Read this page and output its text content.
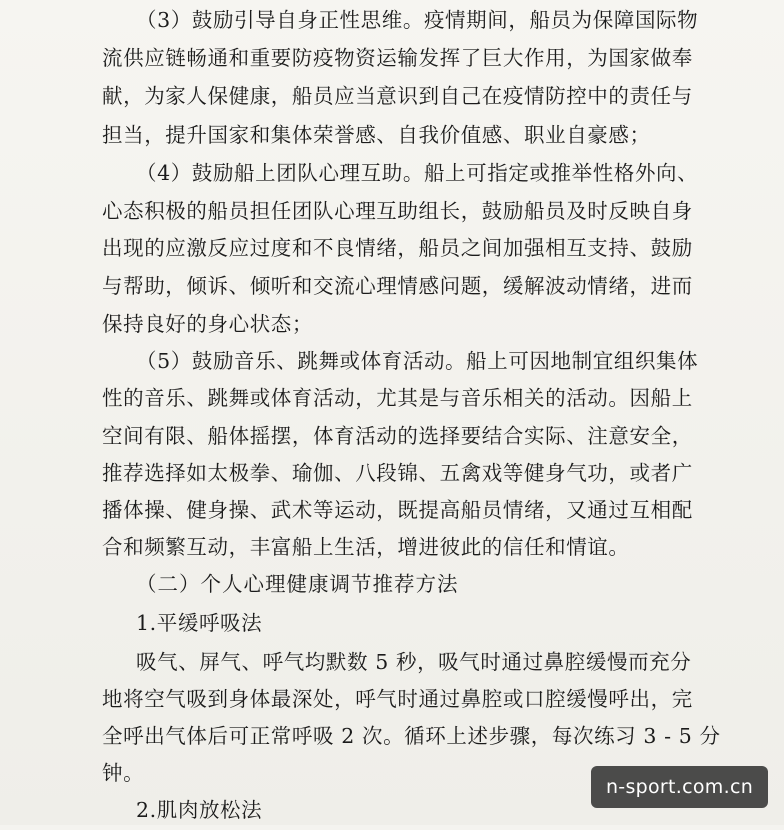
（3）鼓励引导自身正性思维。疫情期间，船员为保障国际物
流供应链畅通和重要防疫物资运输发挥了巨大作用，为国家做奉
献，为家人保健康，船员应当意识到自己在疫情防控中的责任与
担当，提升国家和集体荣誉感、自我价值感、职业自豪感；
（4）鼓励船上团队心理互助。船上可指定或推举性格外向、
心态积极的船员担任团队心理互助组长，鼓励船员及时反映自身
出现的应激反应过度和不良情绪，船员之间加强相互支持、鼓励
与帮助，倾诉、倾听和交流心理情感问题，缓解波动情绪，进而
保持良好的身心状态；
（5）鼓励音乐、跳舞或体育活动。船上可因地制宜组织集体
性的音乐、跳舞或体育活动，尤其是与音乐相关的活动。因船上
空间有限、船体摇摆，体育活动的选择要结合实际、注意安全，
推荐选择如太极拳、瑜伽、八段锦、五禽戏等健身气功，或者广
播体操、健身操、武术等运动，既提高船员情绪，又通过互相配
合和频繁互动，丰富船上生活，增进彼此的信任和情谊。
（二）个人心理健康调节推荐方法
1.平缓呼吸法
吸气、屏气、呼气均默数 5 秒，吸气时通过鼻腔缓慢而充分
地将空气吸到身体最深处，呼气时通过鼻腔或口腔缓慢呼出，完
全呼出气体后可正常呼吸 2 次。循环上述步骤，每次练习 3 - 5 分
钟。
2.肌肉放松法
n-sport.com.cn
